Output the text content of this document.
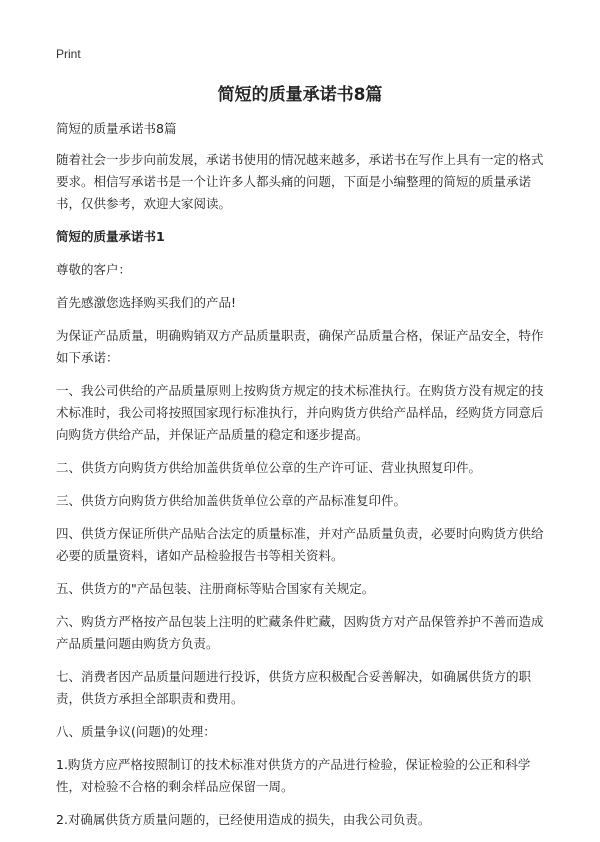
Print
简短的质量承诺书8篇

简短的质量承诺书8篇

随着社会一步步向前发展，承诺书使用的情况越来越多，承诺书在写作上具有一定的格式要求。相信写承诺书是一个让许多人都头痛的问题，下面是小编整理的简短的质量承诺书，仅供参考，欢迎大家阅读。

简短的质量承诺书1

尊敬的客户：

首先感激您选择购买我们的产品!

为保证产品质量，明确购销双方产品质量职责，确保产品质量合格，保证产品安全，特作如下承诺：

一、我公司供给的产品质量原则上按购货方规定的技术标准执行。在购货方没有规定的技术标准时，我公司将按照国家现行标准执行，并向购货方供给产品样品，经购货方同意后向购货方供给产品，并保证产品质量的稳定和逐步提高。

二、供货方向购货方供给加盖供货单位公章的生产许可证、营业执照复印件。

三、供货方向购货方供给加盖供货单位公章的产品标准复印件。

四、供货方保证所供产品贴合法定的质量标准，并对产品质量负责，必要时向购货方供给必要的质量资料，诸如产品检验报告书等相关资料。

五、供货方的"产品包装、注册商标等贴合国家有关规定。

六、购货方严格按产品包装上注明的贮藏条件贮藏，因购货方对产品保管养护不善而造成产品质量问题由购货方负责。

七、消费者因产品质量问题进行投诉，供货方应积极配合妥善解决，如确属供货方的职责，供货方承担全部职责和费用。

八、质量争议(问题)的处理：

1.购货方应严格按照制订的技术标准对供货方的产品进行检验，保证检验的公正和科学性，对检验不合格的剩余样品应保留一周。

2.对确属供货方质量问题的，已经使用造成的损失，由我公司负责。
